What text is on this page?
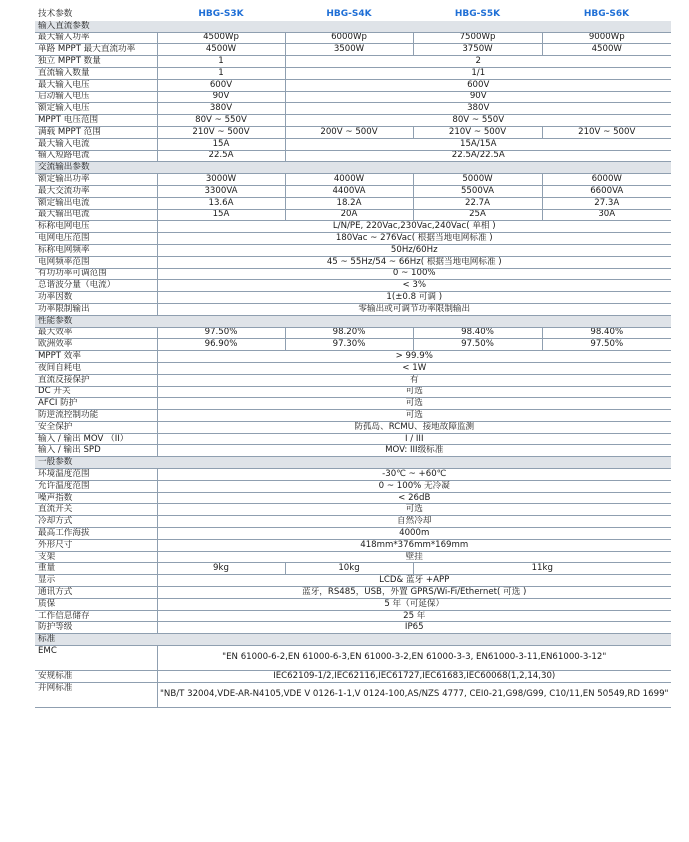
技术参数	HBG-S3K	HBG-S4K	HBG-S5K	HBG-S6K
输入直流参数				
最大输入功率	4500Wp	6000Wp	7500Wp	9000Wp
单路 MPPT 最大直流功率	4500W	3500W	3750W	4500W
独立 MPPT 数量	1	2		
直流输入数量	1	1/1		
最大输入电压	600V	600V		
启动输入电压	90V	90V		
额定输入电压	380V	380V		
MPPT 电压范围	80V ~ 550V	80V ~ 550V		
满载 MPPT 范围	210V ~ 500V	200V ~ 500V	210V ~ 500V	210V ~ 500V
最大输入电流	15A	15A/15A		
输入短路电流	22.5A	22.5A/22.5A		
交流输出参数				
额定输出功率	3000W	4000W	5000W	6000W
最大交流功率	3300VA	4400VA	5500VA	6600VA
额定输出电流	13.6A	18.2A	22.7A	27.3A
最大输出电流	15A	20A	25A	30A
标称电网电压	L/N/PE, 220Vac,230Vac,240Vac( 单相 )			
电网电压范围	180Vac ~ 276Vac( 根据当地电网标准 )			
标称电网频率	50Hz/60Hz			
电网频率范围	45 ~ 55Hz/54 ~ 66Hz( 根据当地电网标准 )			
有功功率可调范围	0 ~ 100%			
总谐波分量（电流）	< 3%			
功率因数	1(±0.8 可调 )			
功率限制输出	零输出或可调节功率限制输出			
性能参数				
最大效率	97.50%	98.20%	98.40%	98.40%
欧洲效率	96.90%	97.30%	97.50%	97.50%
MPPT 效率	> 99.9%			
夜间自耗电	< 1W			
直流反接保护	有			
DC 开关	可选			
AFCI 防护	可选			
防逆流控制功能	可选			
安全保护	防孤岛、RCMU、接地故障监测			
输入 / 输出 MOV （II）	I / III			
输入 / 输出 SPD	MOV: III级标准			
一般参数				
环境温度范围	-30℃ ~ +60℃			
允许温度范围	0 ~ 100% 无冷凝			
噪声指数	< 26dB			
直流开关	可选			
冷却方式	自然冷却			
最高工作海拔	4000m			
外形尺寸	418mm*376mm*169mm			
支架	壁挂			
重量	9kg	10kg	11kg	
显示	LCD& 蓝牙 +APP			
通讯方式	蓝牙，RS485，USB，外置 GPRS/Wi-Fi/Ethernet( 可选 )			
质保	5 年（可延保）			
工作信息储存	25 年			
防护等级	IP65			
标准				
EMC	"EN 61000-6-2,EN 61000-6-3,EN 61000-3-2,EN 61000-3-3, EN61000-3-11,EN61000-3-12"			
安规标准	IEC62109-1/2,IEC62116,IEC61727,IEC61683,IEC60068(1,2,14,30)			
并网标准	"NB/T 32004,VDE-AR-N4105,VDE V 0126-1-1,V 0124-100,AS/NZS 4777, CEI0-21,G98/G99, C10/11,EN 50549,RD 1699"			
